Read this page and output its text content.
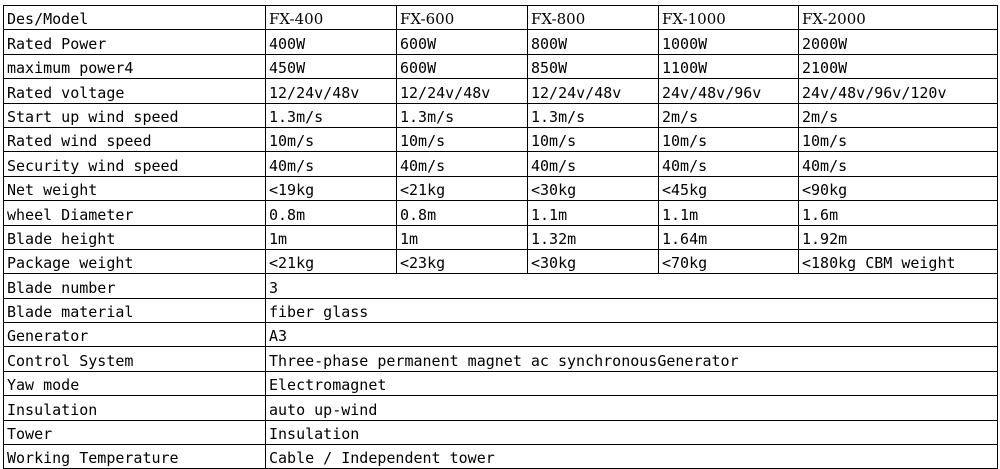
Des/Model	FX-400	FX-600	FX-800	FX-1000	FX-2000
Rated Power	400W	600W	800W	1000W	2000W
maximum power4	450W	600W	850W	1100W	2100W
Rated voltage	12/24v/48v	12/24v/48v	12/24v/48v	24v/48v/96v	24v/48v/96v/120v
Start up wind speed	1.3m/s	1.3m/s	1.3m/s	2m/s	2m/s
Rated wind speed	10m/s	10m/s	10m/s	10m/s	10m/s
Security wind speed	40m/s	40m/s	40m/s	40m/s	40m/s
Net weight	<19kg	<21kg	<30kg	<45kg	<90kg
wheel Diameter	0.8m	0.8m	1.1m	1.1m	1.6m
Blade height	1m	1m	1.32m	1.64m	1.92m
Package weight	<21kg	<23kg	<30kg	<70kg	<180kg CBM weight
Blade number	3				
Blade material	fiber glass				
Generator	A3				
Control System	Three-phase permanent magnet ac synchronousGenerator				
Yaw mode	Electromagnet				
Insulation	auto up-wind				
Tower	Insulation				
Working Temperature	Cable / Independent tower				
